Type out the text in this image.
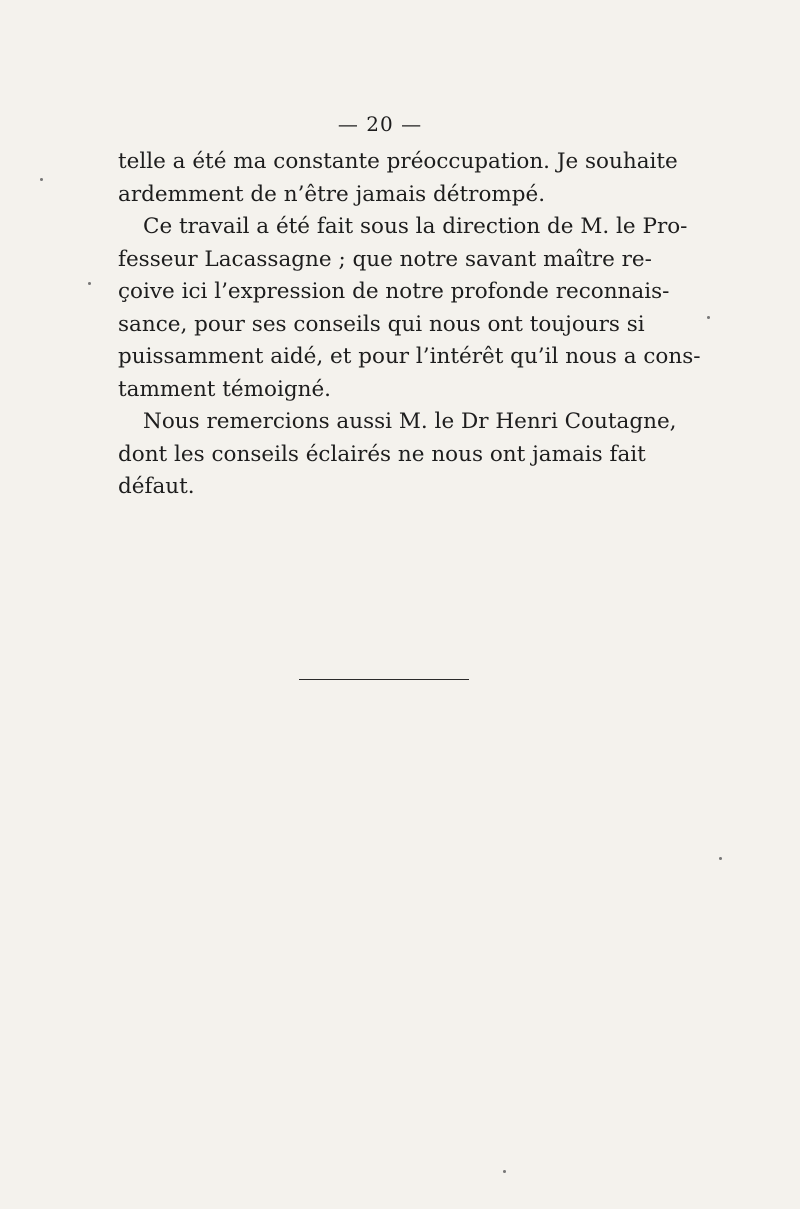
— 20 —

telle a été ma constante préoccupation. Je souhaite
ardemment de n’être jamais détrompé.

Ce travail a été fait sous la direction de M. le Pro-
fesseur Lacassagne ; que notre savant maître re-
çoive ici l’expression de notre profonde reconnais-
sance, pour ses conseils qui nous ont toujours si
puissamment aidé, et pour l’intérêt qu’il nous a cons-
tamment témoigné.

Nous remercions aussi M. le Dr Henri Coutagne,
dont les conseils éclairés ne nous ont jamais fait
défaut.
